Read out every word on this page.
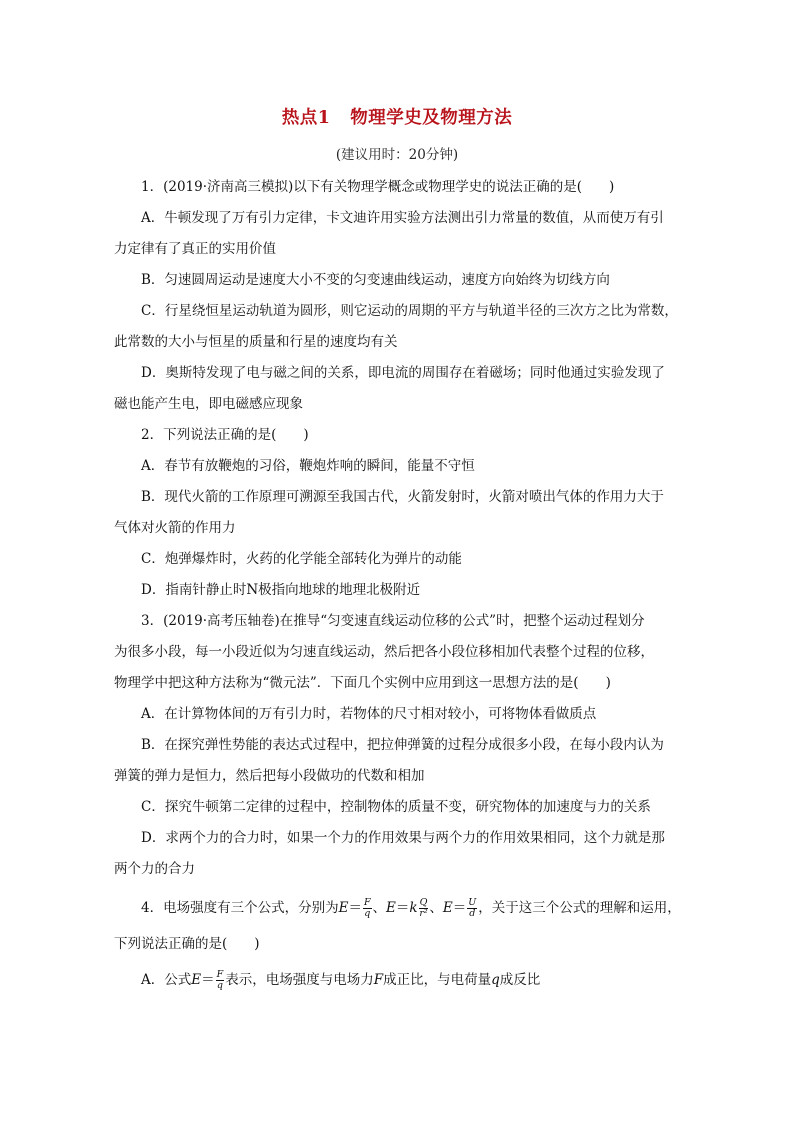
热点1 物理学史及物理方法
(建议用时：20分钟)
1．(2019·济南高三模拟)以下有关物理学概念或物理学史的说法正确的是(　　)
A．牛顿发现了万有引力定律，卡文迪许用实验方法测出引力常量的数值，从而使万有引
力定律有了真正的实用价值
B．匀速圆周运动是速度大小不变的匀变速曲线运动，速度方向始终为切线方向
C．行星绕恒星运动轨道为圆形，则它运动的周期的平方与轨道半径的三次方之比为常数，
此常数的大小与恒星的质量和行星的速度均有关
D．奥斯特发现了电与磁之间的关系，即电流的周围存在着磁场；同时他通过实验发现了
磁也能产生电，即电磁感应现象
2．下列说法正确的是(　　)
A．春节有放鞭炮的习俗，鞭炮炸响的瞬间，能量不守恒
B．现代火箭的工作原理可溯源至我国古代，火箭发射时，火箭对喷出气体的作用力大于
气体对火箭的作用力
C．炮弹爆炸时，火药的化学能全部转化为弹片的动能
D．指南针静止时N极指向地球的地理北极附近
3．(2019·高考压轴卷)在推导“匀变速直线运动位移的公式”时，把整个运动过程划分
为很多小段，每一小段近似为匀速直线运动，然后把各小段位移相加代表整个过程的位移，
物理学中把这种方法称为“微元法”．下面几个实例中应用到这一思想方法的是(　　)
A．在计算物体间的万有引力时，若物体的尺寸相对较小，可将物体看做质点
B．在探究弹性势能的表达式过程中，把拉伸弹簧的过程分成很多小段，在每小段内认为
弹簧的弹力是恒力，然后把每小段做功的代数和相加
C．探究牛顿第二定律的过程中，控制物体的质量不变，研究物体的加速度与力的关系
D．求两个力的合力时，如果一个力的作用效果与两个力的作用效果相同，这个力就是那
两个力的合力
4．电场强度有三个公式，分别为$E= \frac{F}{q}$ 、$E=k \frac{Q}{\text{r²}}$ 、$E= \frac{U}{d}$ ，关于这三个公式的理解和运用，
下列说法正确的是(　　)
A．公式$E= \frac{F}{q}$ 表示，电场强度与电场力F成正比，与电荷量q成反比
